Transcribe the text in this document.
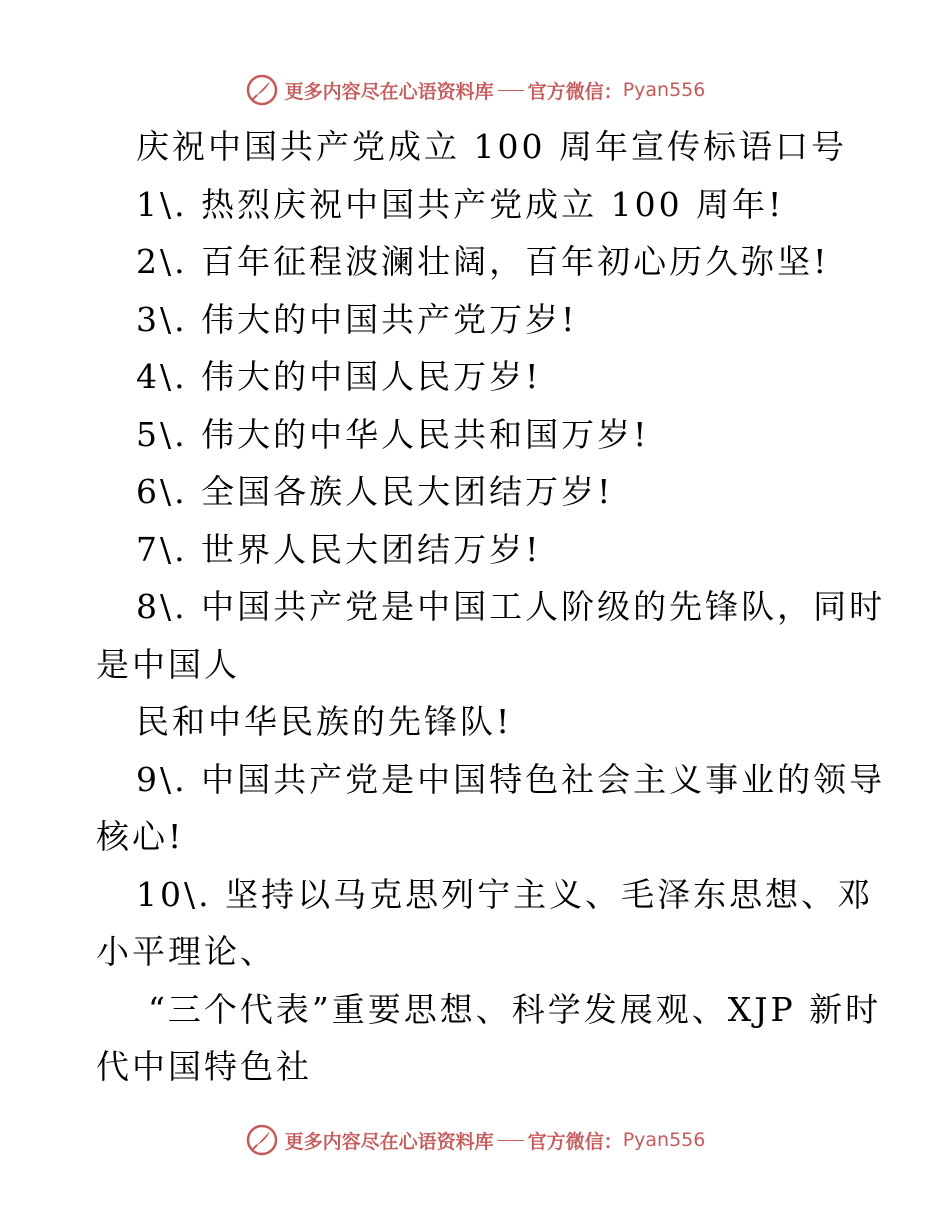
更多内容尽在心语资料库 官方微信： Pyan556
庆祝中国共产党成立 100 周年宣传标语口号
1\. 热烈庆祝中国共产党成立 100 周年!
2\. 百年征程波澜壮阔，百年初心历久弥坚!
3\. 伟大的中国共产党万岁!
4\. 伟大的中国人民万岁!
5\. 伟大的中华人民共和国万岁!
6\. 全国各族人民大团结万岁!
7\. 世界人民大团结万岁!
8\. 中国共产党是中国工人阶级的先锋队，同时
是中国人
民和中华民族的先锋队!
9\. 中国共产党是中国特色社会主义事业的领导
核心!
10\. 坚持以马克思列宁主义、毛泽东思想、邓
小平理论、
“三个代表”重要思想、科学发展观、XJP 新时
代中国特色社
更多内容尽在心语资料库 官方微信： Pyan556
